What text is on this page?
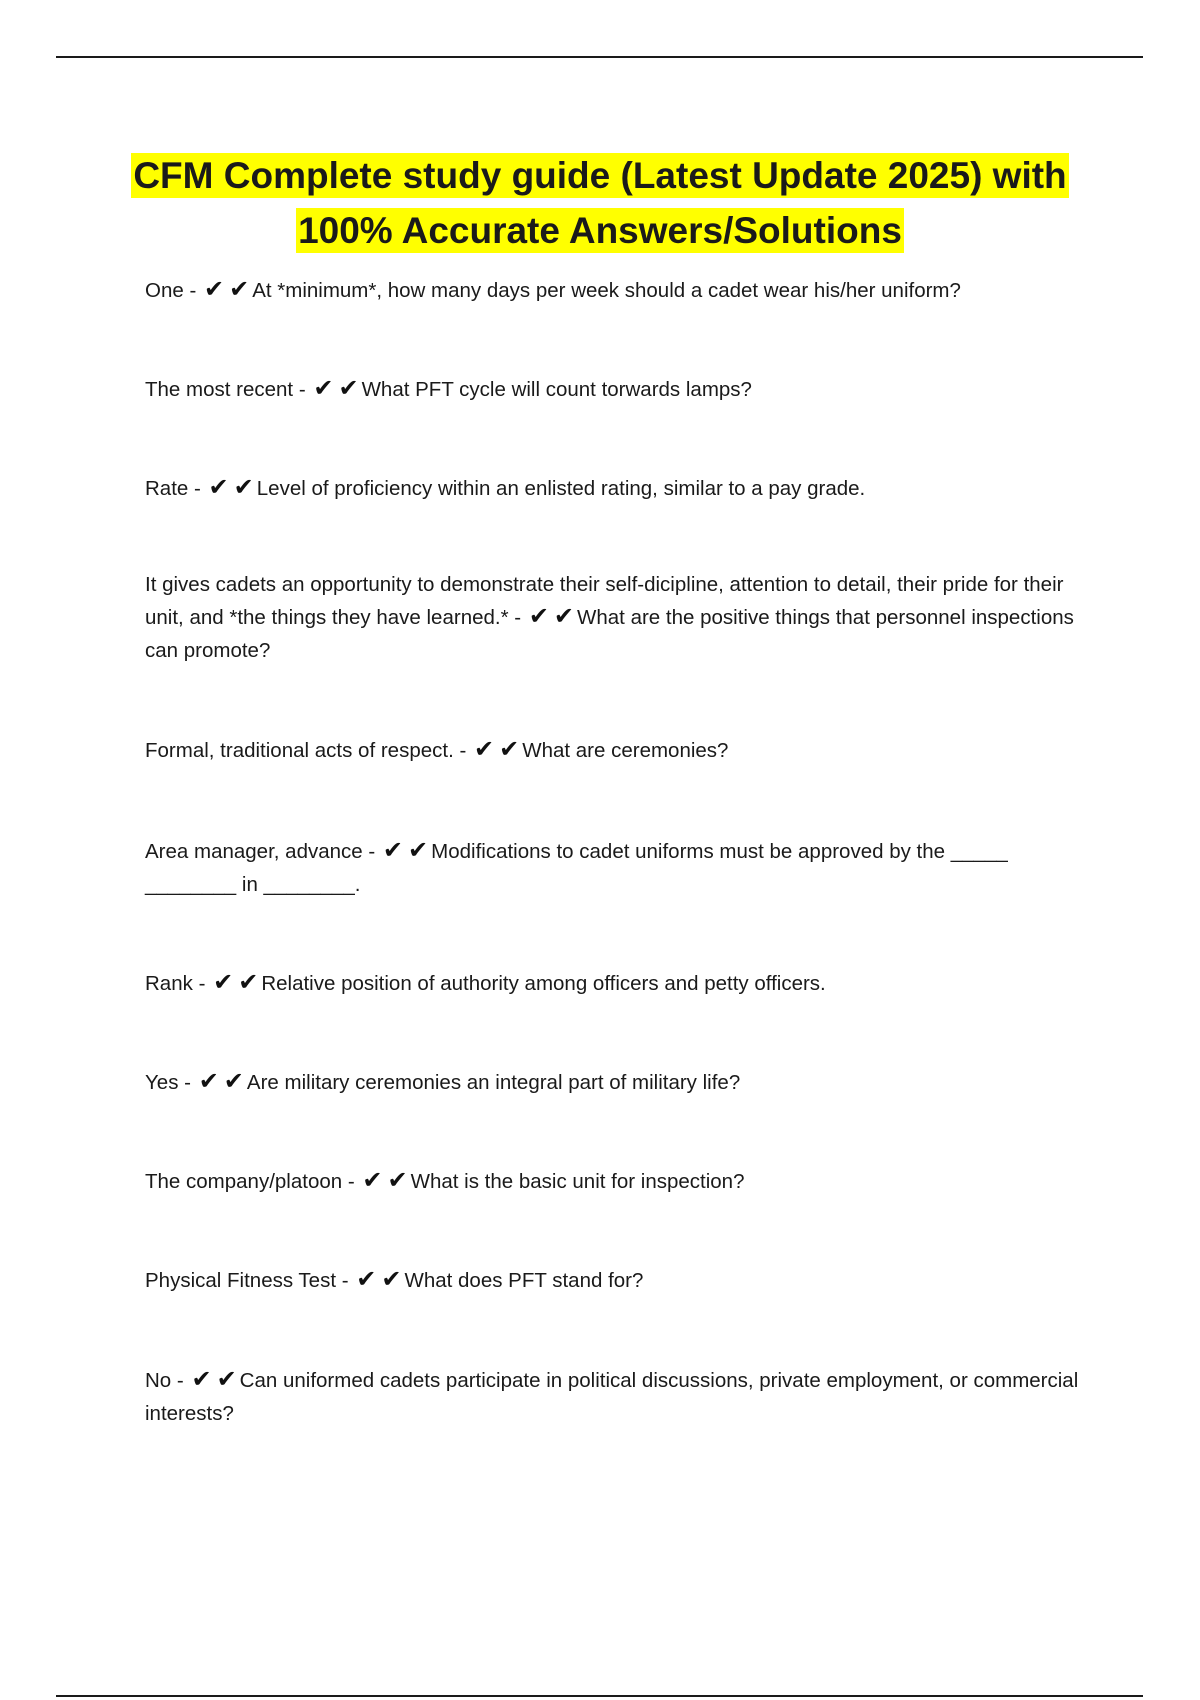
CFM Complete study guide (Latest Update 2025) with
100% Accurate Answers/Solutions

One - ✔ ✔ At *minimum*, how many days per week should a cadet wear his/her uniform?

The most recent - ✔ ✔ What PFT cycle will count torwards lamps?

Rate - ✔ ✔ Level of proficiency within an enlisted rating, similar to a pay grade.

It gives cadets an opportunity to demonstrate their self-dicipline, attention to detail, their pride for their unit, and *the things they have learned.* - ✔ ✔ What are the positive things that personnel inspections can promote?

Formal, traditional acts of respect. - ✔ ✔ What are ceremonies?

Area manager, advance - ✔ ✔ Modifications to cadet uniforms must be approved by the _____ ________ in ________.

Rank - ✔ ✔ Relative position of authority among officers and petty officers.

Yes - ✔ ✔ Are military ceremonies an integral part of military life?

The company/platoon - ✔ ✔ What is the basic unit for inspection?

Physical Fitness Test - ✔ ✔ What does PFT stand for?

No - ✔ ✔ Can uniformed cadets participate in political discussions, private employment, or commercial interests?
